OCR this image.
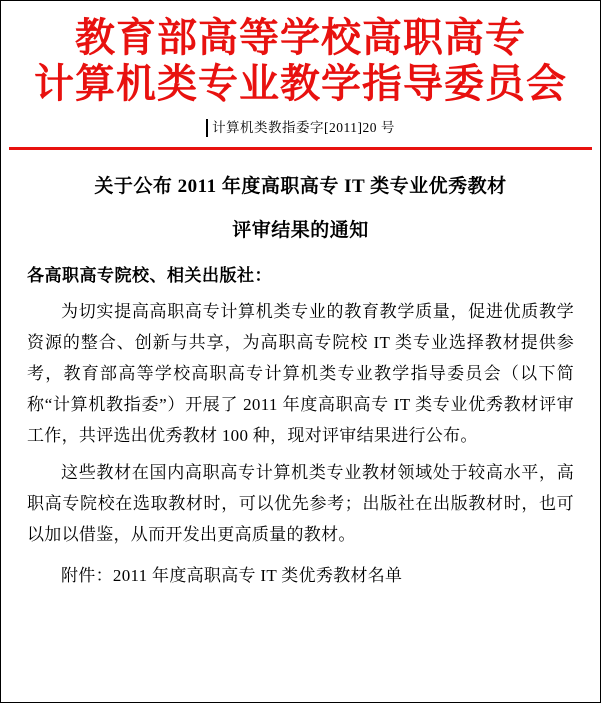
教育部高等学校高职高专
计算机类专业教学指导委员会
计算机类教指委字[2011]20 号
关于公布 2011 年度高职高专 IT 类专业优秀教材
评审结果的通知
各高职高专院校、相关出版社：
为切实提高高职高专计算机类专业的教育教学质量，促进优质教学资源的整合、创新与共享，为高职高专院校 IT 类专业选择教材提供参考，教育部高等学校高职高专计算机类专业教学指导委员会（以下简称“计算机教指委”）开展了 2011 年度高职高专 IT 类专业优秀教材评审工作，共评选出优秀教材 100 种，现对评审结果进行公布。
这些教材在国内高职高专计算机类专业教材领域处于较高水平，高职高专院校在选取教材时，可以优先参考；出版社在出版教材时，也可以加以借鉴，从而开发出更高质量的教材。
附件：2011 年度高职高专 IT 类优秀教材名单
